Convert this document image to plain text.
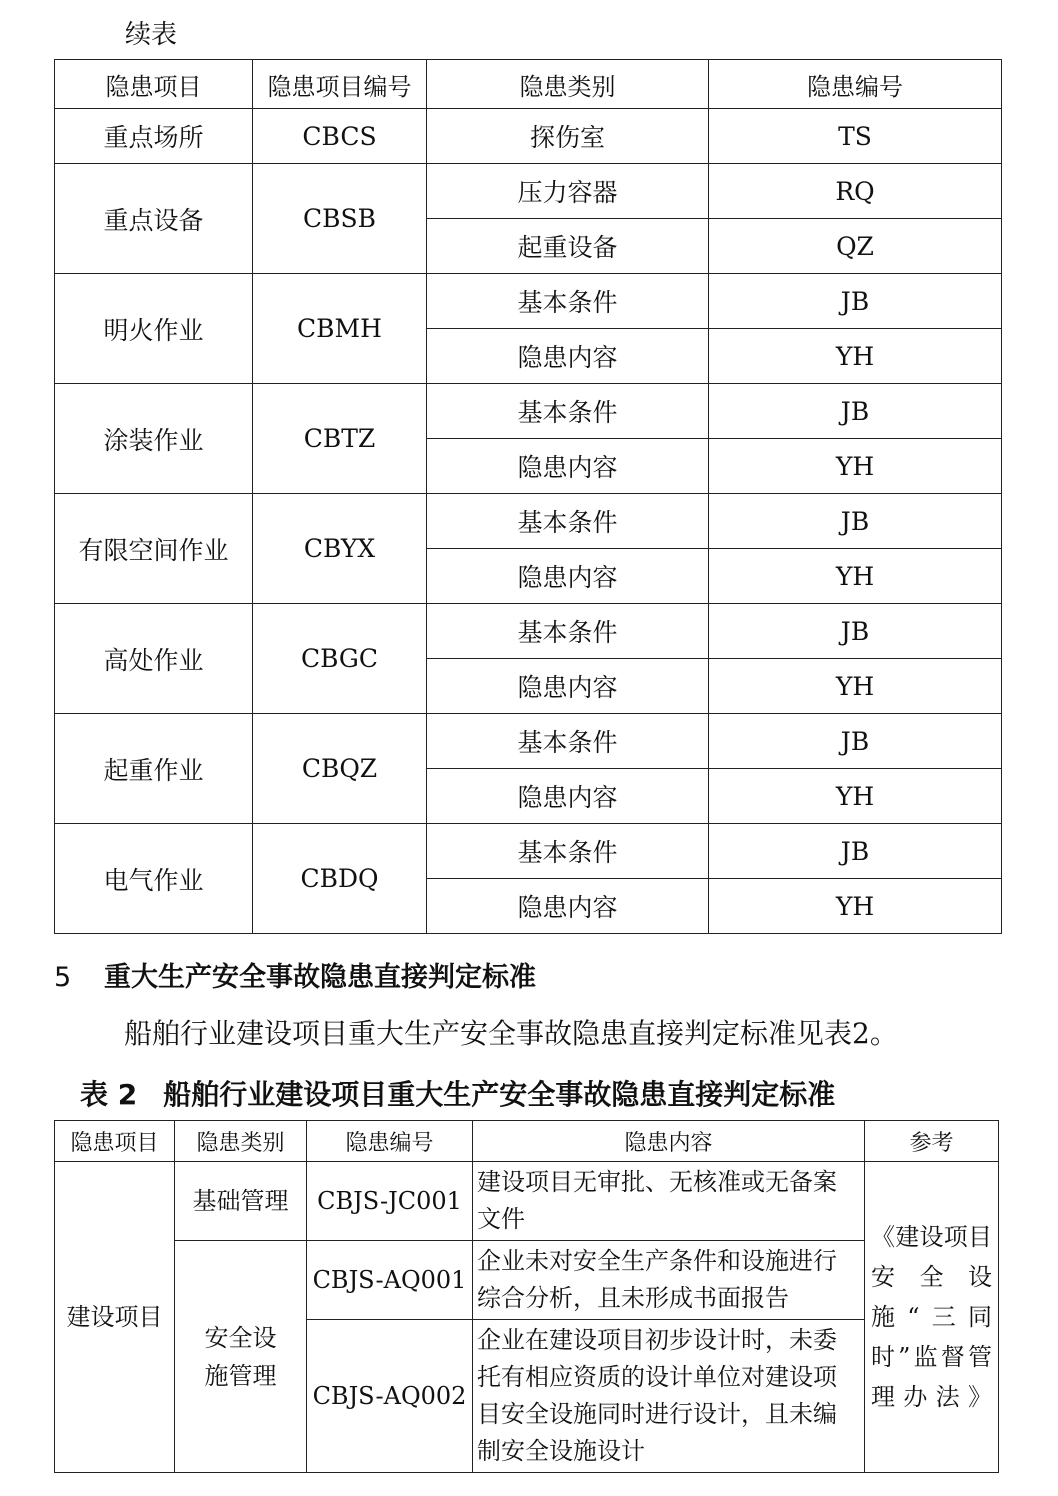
续表
隐患项目	隐患项目编号	隐患类别	隐患编号
重点场所	CBCS	探伤室	TS
重点设备	CBSB	压力容器	RQ
		起重设备	QZ
明火作业	CBMH	基本条件	JB
		隐患内容	YH
涂装作业	CBTZ	基本条件	JB
		隐患内容	YH
有限空间作业	CBYX	基本条件	JB
		隐患内容	YH
高处作业	CBGC	基本条件	JB
		隐患内容	YH
起重作业	CBQZ	基本条件	JB
		隐患内容	YH
电气作业	CBDQ	基本条件	JB
		隐患内容	YH
5 重大生产安全事故隐患直接判定标准
船舶行业建设项目重大生产安全事故隐患直接判定标准见表2。
表 2 船舶行业建设项目重大生产安全事故隐患直接判定标准
隐患项目	隐患类别	隐患编号	隐患内容	参考
建设项目	基础管理	CBJS-JC001	建设项目无审批、无核准或无备案文件	《建设项目安全设施“三同时”监督管理办法》
	安全设施管理	CBJS-AQ001	企业未对安全生产条件和设施进行综合分析，且未形成书面报告	
		CBJS-AQ002	企业在建设项目初步设计时，未委托有相应资质的设计单位对建设项目安全设施同时进行设计，且未编制安全设施设计	
